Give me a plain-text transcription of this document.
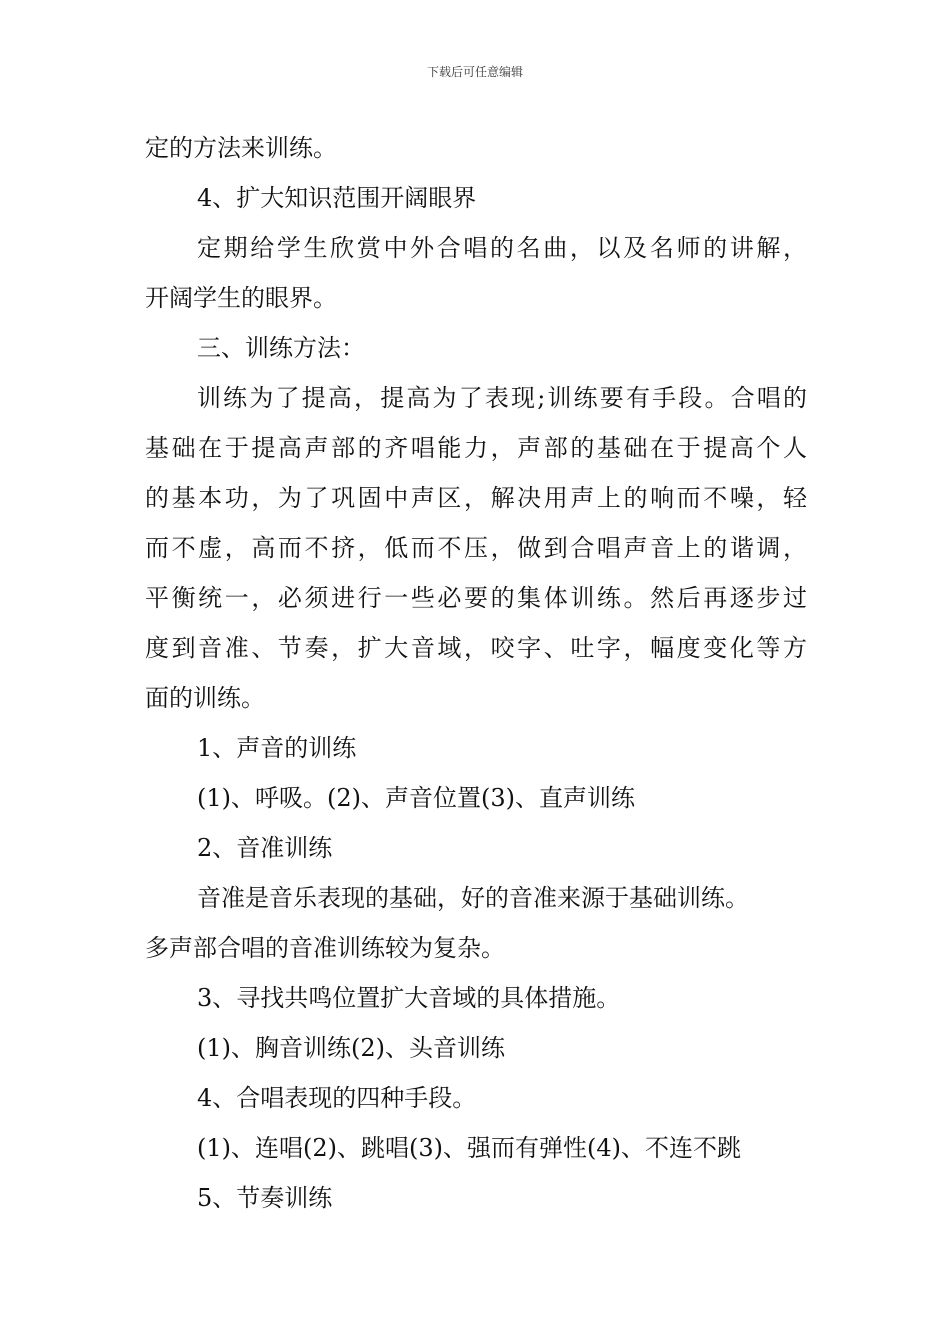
下载后可任意编辑
定的方法来训练。
4、扩大知识范围开阔眼界
定期给学生欣赏中外合唱的名曲，以及名师的讲解，
开阔学生的眼界。
三、训练方法：
训练为了提高，提高为了表现;训练要有手段。合唱的
基础在于提高声部的齐唱能力，声部的基础在于提高个人
的基本功，为了巩固中声区，解决用声上的响而不噪，轻
而不虚，高而不挤，低而不压，做到合唱声音上的谐调，
平衡统一，必须进行一些必要的集体训练。然后再逐步过
度到音准、节奏，扩大音域，咬字、吐字，幅度变化等方
面的训练。
1、声音的训练
(1)、呼吸。(2)、声音位置(3)、直声训练
2、音准训练
音准是音乐表现的基础，好的音准来源于基础训练。
多声部合唱的音准训练较为复杂。
3、寻找共鸣位置扩大音域的具体措施。
(1)、胸音训练(2)、头音训练
4、合唱表现的四种手段。
(1)、连唱(2)、跳唱(3)、强而有弹性(4)、不连不跳
5、节奏训练
